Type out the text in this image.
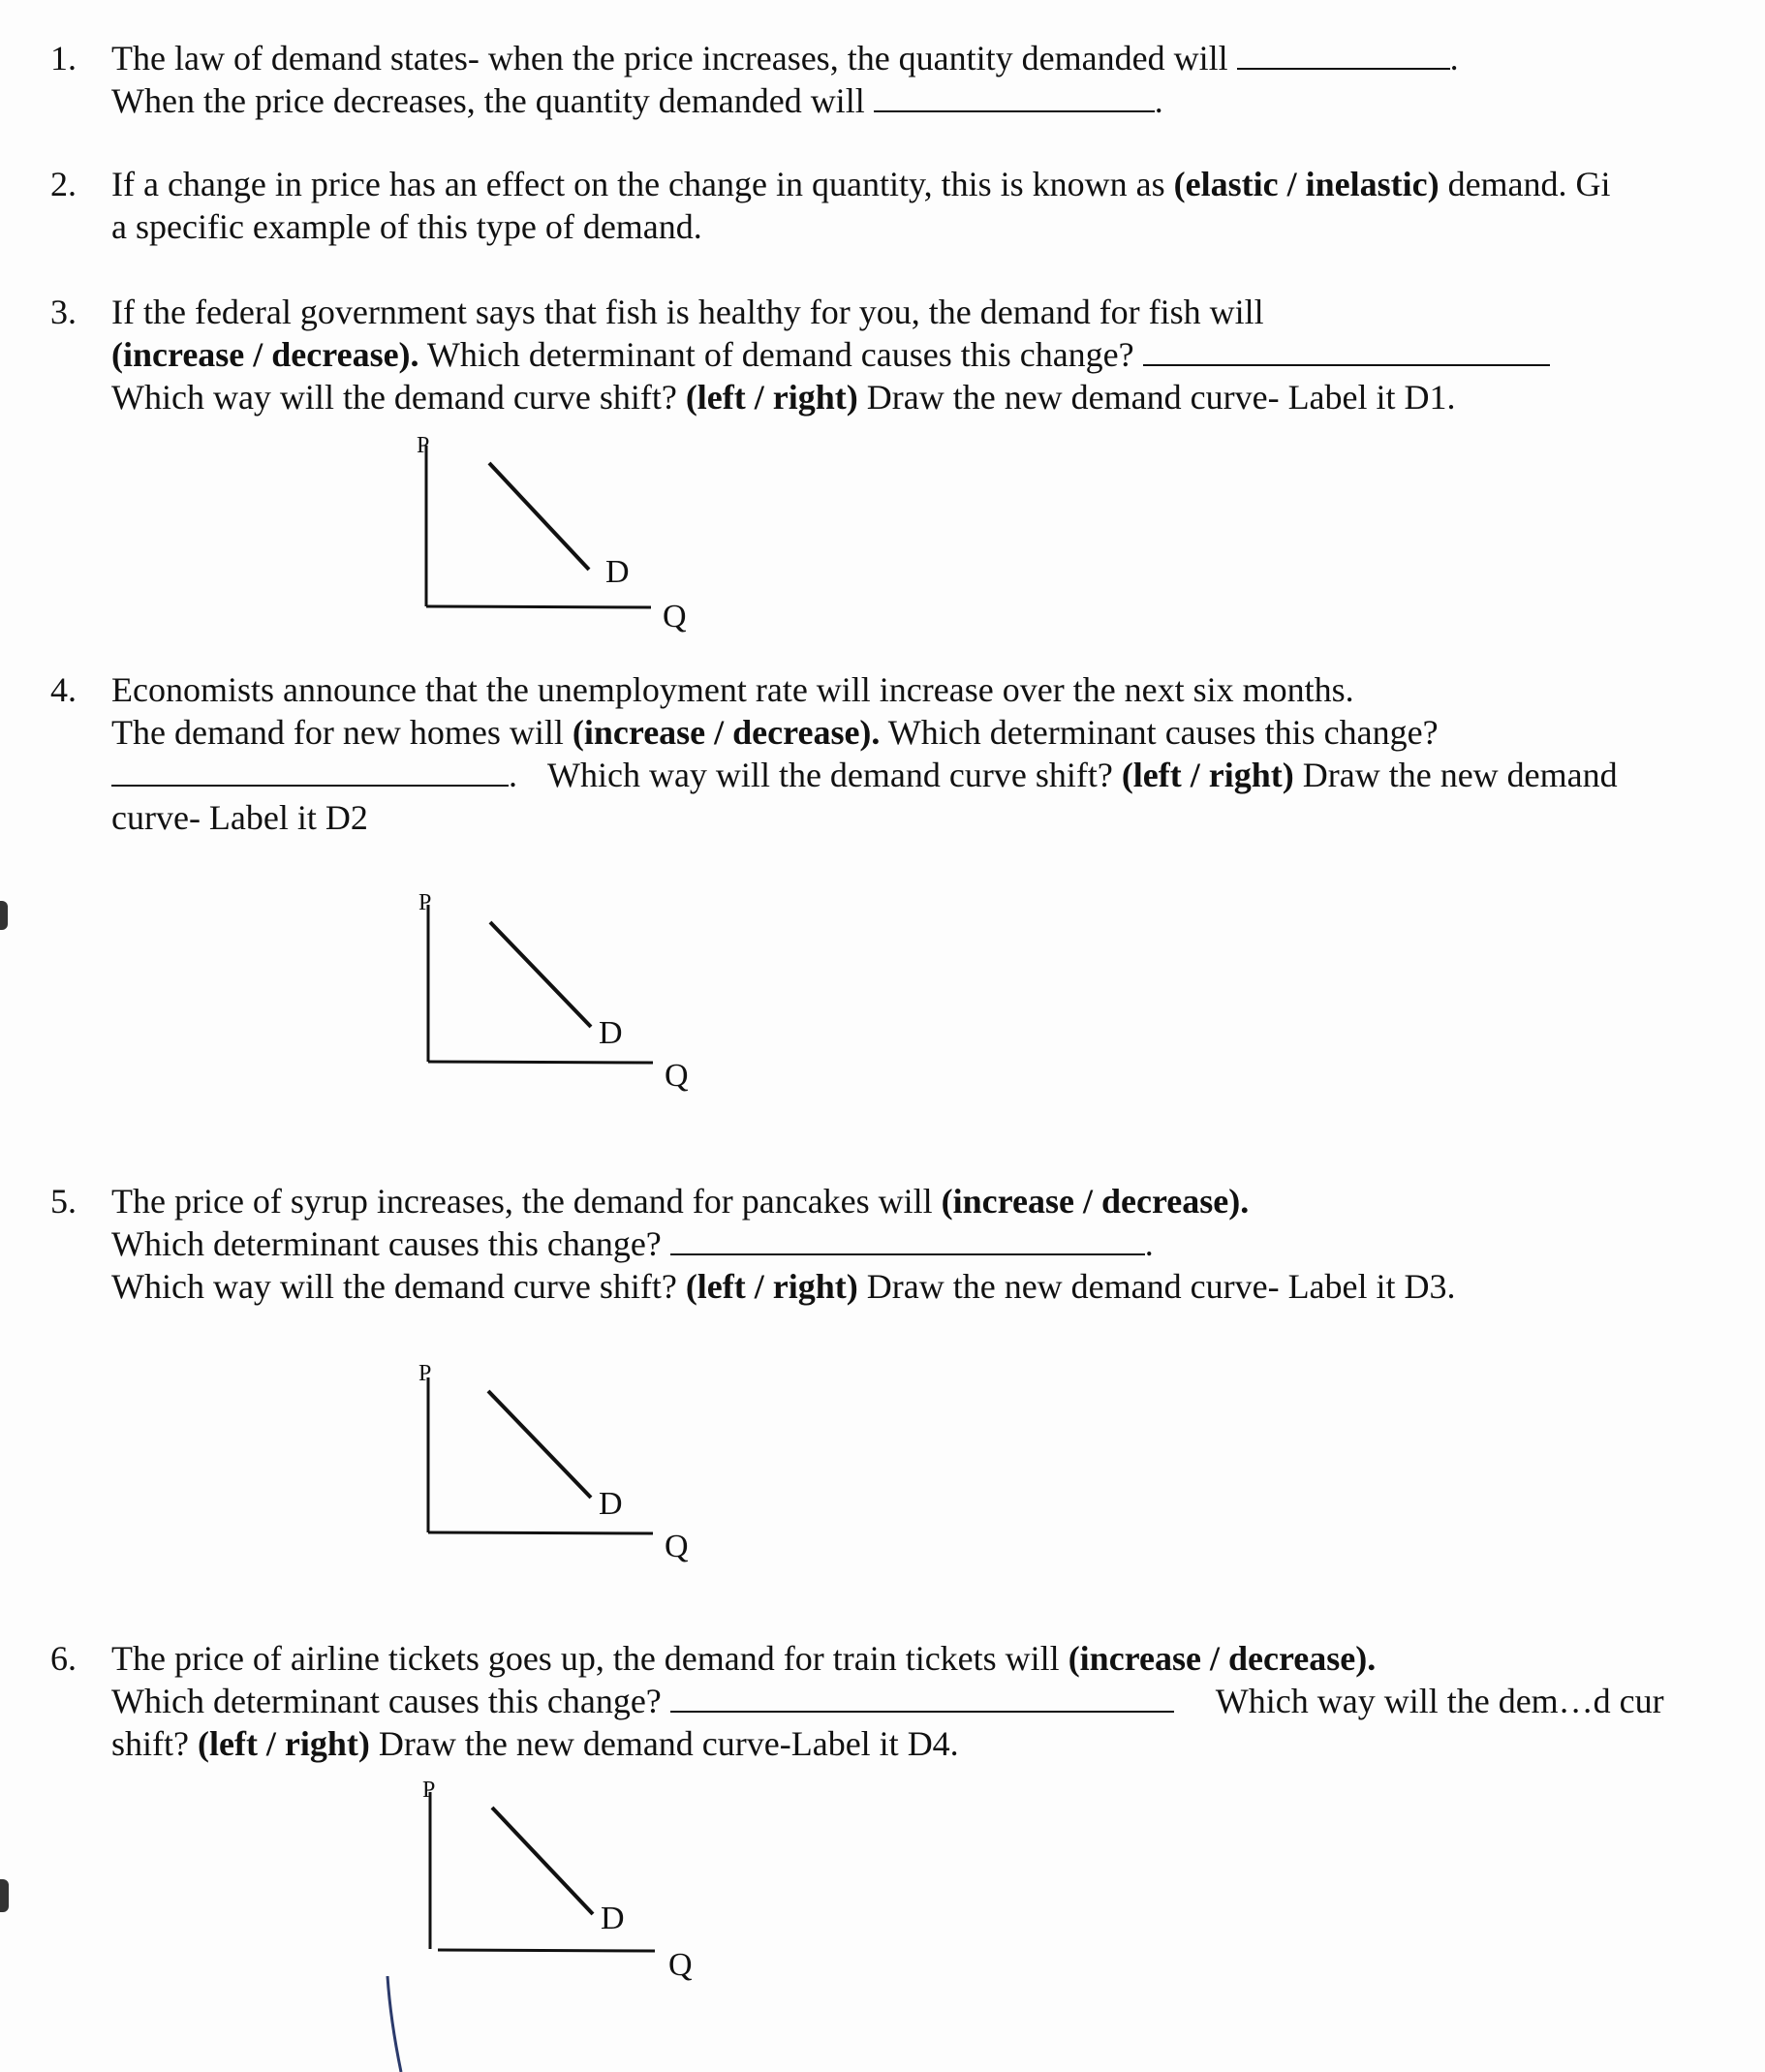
1.	The law of demand states- when the price increases, the quantity demanded will	.
When the price decreases, the quantity demanded will	.
2.	If a change in price has an effect on the change in quantity, this is known as (elastic / inelastic) demand. Gi
a specific example of this type of demand.
3.	If the federal government says that fish is healthy for you, the demand for fish will
(increase / decrease). Which determinant of demand causes this change?
Which way will the demand curve shift? (left / right) Draw the new demand curve- Label it D1.
P
D
Q
4.	Economists announce that the unemployment rate will increase over the next six months.
The demand for new homes will (increase / decrease). Which determinant causes this change?
. Which way will the demand curve shift? (left / right) Draw the new demand
curve- Label it D2
P
D
Q
5.	The price of syrup increases, the demand for pancakes will (increase / decrease).
Which determinant causes this change?	.
Which way will the demand curve shift? (left / right) Draw the new demand curve- Label it D3.
P
D
Q
6.	The price of airline tickets goes up, the demand for train tickets will (increase / decrease).
Which determinant causes this change?	Which way will the dem…d cur
shift? (left / right) Draw the new demand curve-Label it D4.
P
D
Q
